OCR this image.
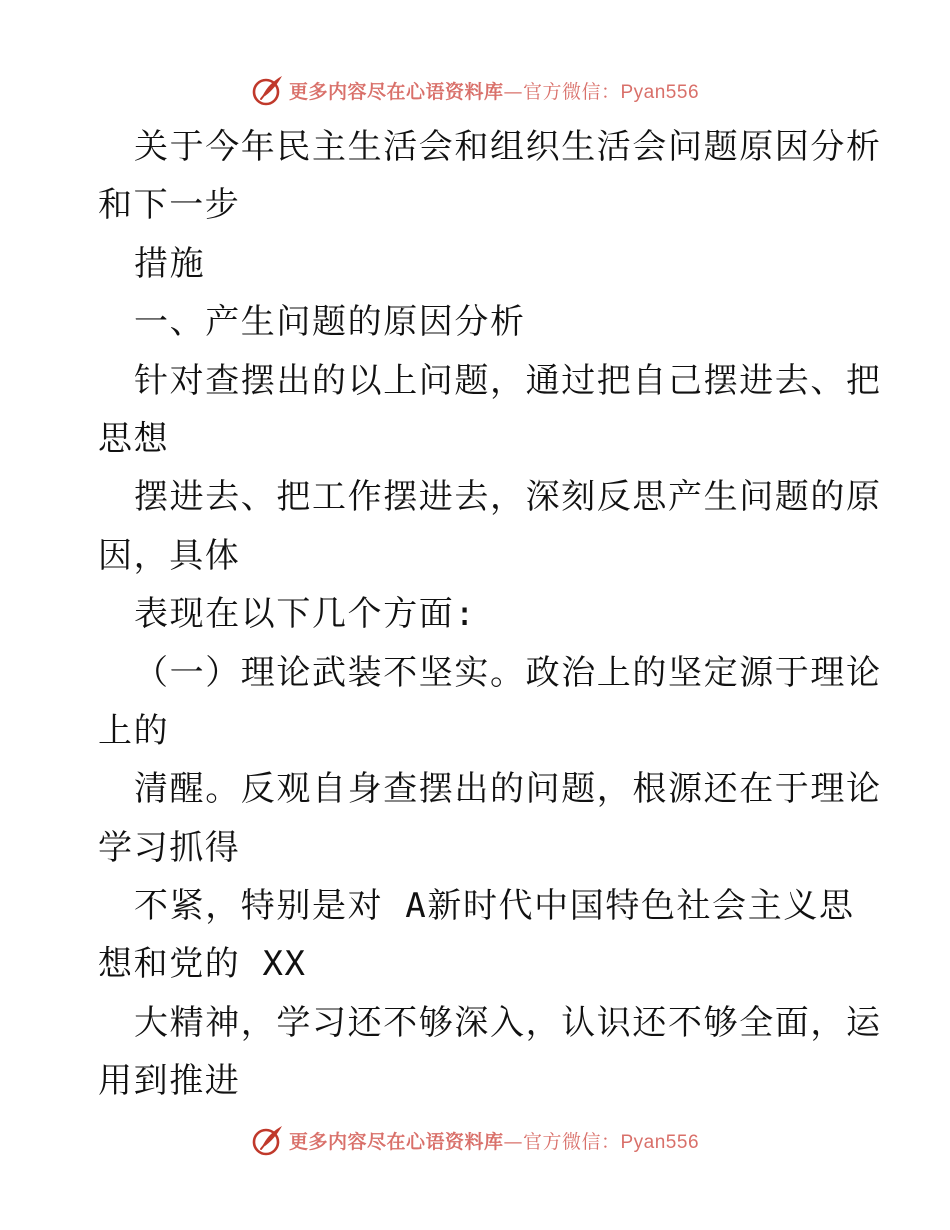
更多内容尽在心语资料库—官方微信：Pyan556
关于今年民主生活会和组织生活会问题原因分析
和下一步
措施
一、产生问题的原因分析
针对查摆出的以上问题，通过把自己摆进去、把
思想
摆进去、把工作摆进去，深刻反思产生问题的原
因，具体
表现在以下几个方面:
（一）理论武装不坚实。政治上的坚定源于理论
上的
清醒。反观自身查摆出的问题，根源还在于理论
学习抓得
不紧，特别是对 A新时代中国特色社会主义思
想和党的 XX
大精神，学习还不够深入，认识还不够全面，运
用到推进
更多内容尽在心语资料库—官方微信：Pyan556
